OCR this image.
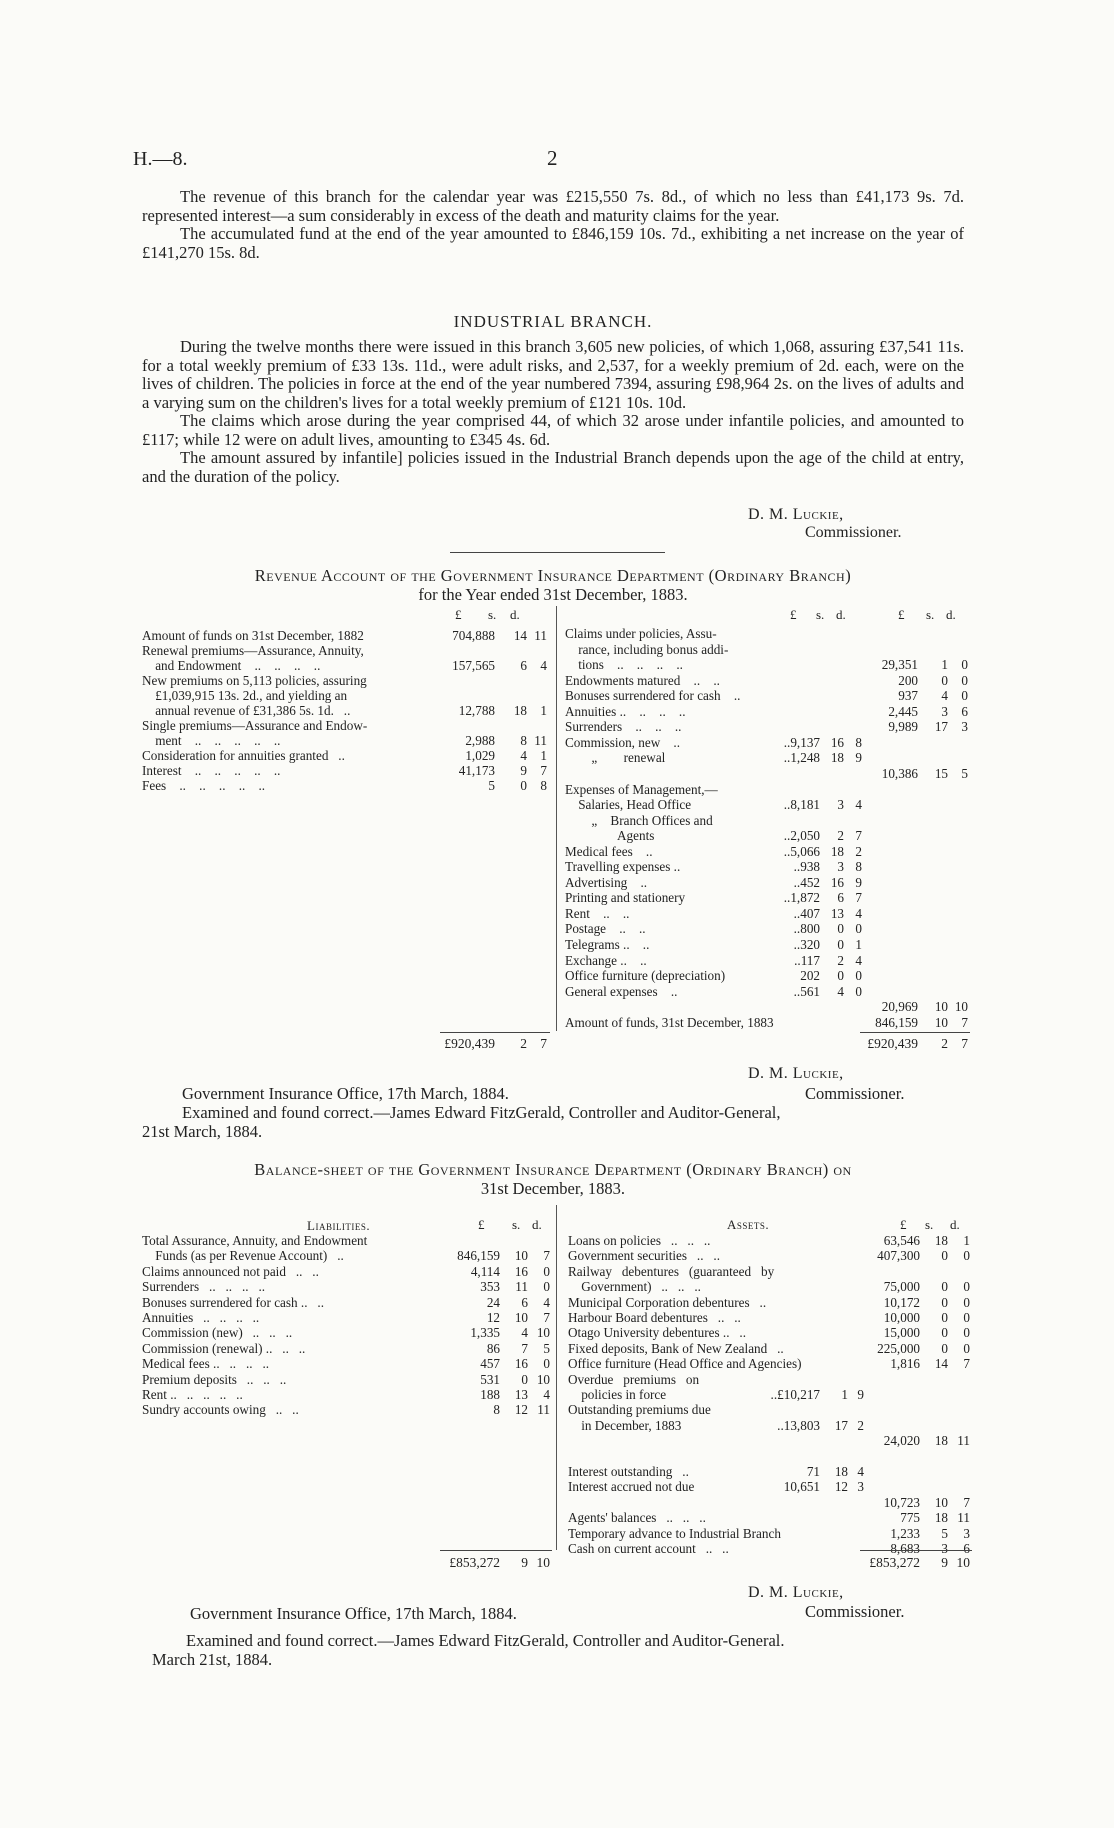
H.—8.	2
The revenue of this branch for the calendar year was £215,550 7s. 8d., of which no less than £41,173 9s. 7d. represented interest—a sum considerably in excess of the death and maturity claims for the year.
The accumulated fund at the end of the year amounted to £846,159 10s. 7d., exhibiting a net increase on the year of £141,270 15s. 8d.
INDUSTRIAL BRANCH.
During the twelve months there were issued in this branch 3,605 new policies, of which 1,068, assuring £37,541 11s. for a total weekly premium of £33 13s. 11d., were adult risks, and 2,537, for a weekly premium of 2d. each, were on the lives of children. The policies in force at the end of the year numbered 7394, assuring £98,964 2s. on the lives of adults and a varying sum on the children's lives for a total weekly premium of £121 10s. 10d.
The claims which arose during the year comprised 44, of which 32 arose under infantile policies, and amounted to £117; while 12 were on adult lives, amounting to £345 4s. 6d.
The amount assured by infantile] policies issued in the Industrial Branch depends upon the age of the child at entry, and the duration of the policy.
D. M. Luckie,
Commissioner.
Revenue Account of the Government Insurance Department (Ordinary Branch)
for the Year ended 31st December, 1883.
£ s. d.	£ s. d.	£ s. d.
Amount of funds on 31st December, 1882	704,888 14 11
Renewal premiums—Assurance, Annuity,
and Endowment    ..    ..    ..    ..	157,565 6 4
New premiums on 5,113 policies, assuring
£1,039,915 13s. 2d., and yielding an
annual revenue of £31,386 5s. 1d.   ..	12,788 18 1
Single premiums—Assurance and Endow-
ment    ..    ..    ..    ..    ..	2,988 8 11
Consideration for annuities granted   ..	1,029 4 1
Interest    ..    ..    ..    ..    ..	41,173 9 7
Fees    ..    ..    ..    ..    ..	5 0 8
£920,439 2 7
Claims under policies, Assu-
rance, including bonus addi-
tions    ..    ..    ..    ..	29,351 1 0
Endowments matured    ..    ..	200 0 0
Bonuses surrendered for cash    ..	937 4 0
Annuities ..    ..    ..    ..	2,445 3 6
Surrenders    ..    ..    ..	9,989 17 3
Commission, new    ..	..9,137 16 8
„        renewal	..1,248 18 9
10,386 15 5
Expenses of Management,—
Salaries, Head Office	..8,181 3 4
„    Branch Offices and
Agents	..2,050 2 7
Medical fees    ..	..5,066 18 2
Travelling expenses ..	..938 3 8
Advertising    ..	..452 16 9
Printing and stationery	..1,872 6 7
Rent    ..    ..	..407 13 4
Postage    ..    ..	..800 0 0
Telegrams ..    ..	..320 0 1
Exchange ..    ..	..117 2 4
Office furniture (depreciation)	202 0 0
General expenses    ..	..561 4 0
20,969 10 10
Amount of funds, 31st December, 1883	846,159 10 7
£920,439 2 7
D. M. Luckie,
Government Insurance Office, 17th March, 1884.	Commissioner.
Examined and found correct.—James Edward FitzGerald, Controller and Auditor-General,
21st March, 1884.
Balance-sheet of the Government Insurance Department (Ordinary Branch) on
31st December, 1883.
Liabilities.	Assets.
£ s. d.	£ s. d.
Total Assurance, Annuity, and Endowment
Funds (as per Revenue Account)   ..	846,159 10 7
Claims announced not paid   ..   ..	4,114 16 0
Surrenders   ..   ..   ..   ..	353 11 0
Bonuses surrendered for cash ..   ..	24 6 4
Annuities   ..   ..   ..   ..	12 10 7
Commission (new)   ..   ..   ..	1,335 4 10
Commission (renewal) ..   ..   ..	86 7 5
Medical fees ..   ..   ..   ..	457 16 0
Premium deposits   ..   ..   ..	531 0 10
Rent ..   ..   ..   ..   ..	188 13 4
Sundry accounts owing   ..   ..	8 12 11
Loans on policies   ..   ..   ..	63,546 18 1
Government securities   ..   ..	407,300 0 0
Railway   debentures   (guaranteed   by
Government)   ..   ..   ..	75,000 0 0
Municipal Corporation debentures   ..	10,172 0 0
Harbour Board debentures   ..   ..	10,000 0 0
Otago University debentures ..   ..	15,000 0 0
Fixed deposits, Bank of New Zealand   ..	225,000 0 0
Office furniture (Head Office and Agencies)	1,816 14 7
Overdue   premiums   on
policies in force	..£10,217 1 9
Outstanding premiums due
in December, 1883	..13,803 17 2
24,020 18 11
Interest outstanding   ..	71 18 4
Interest accrued not due	10,651 12 3
10,723 10 7
Agents' balances   ..   ..   ..	775 18 11
Temporary advance to Industrial Branch	1,233 5 3
Cash on current account   ..   ..	8,683 3 6
£853,272 9 10	£853,272 9 10
D. M. Luckie,
Government Insurance Office, 17th March, 1884.	Commissioner.
Examined and found correct.—James Edward FitzGerald, Controller and Auditor-General.
March 21st, 1884.
